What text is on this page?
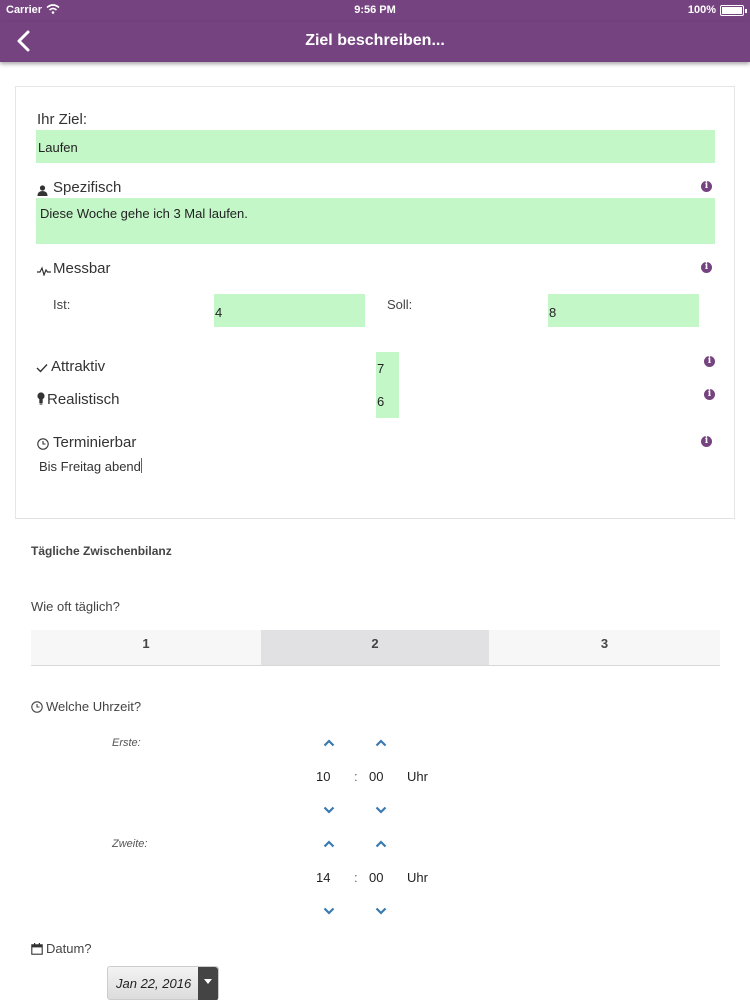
Carrier	9:56 PM	100%
Ziel beschreiben...
Ihr Ziel:
Laufen
Spezifisch	i
Diese Woche gehe ich 3 Mal laufen.
Messbar	i
Ist:
4
Soll:
8
Attraktiv	i
7
Realistisch	i
6
Terminierbar	i
Bis Freitag abend
Tägliche Zwischenbilanz
Wie oft täglich?
1	2	3
Welche Uhrzeit?
Erste:
10 : 00 Uhr
Zweite:
14 : 00 Uhr
Datum?
Jan 22, 2016
